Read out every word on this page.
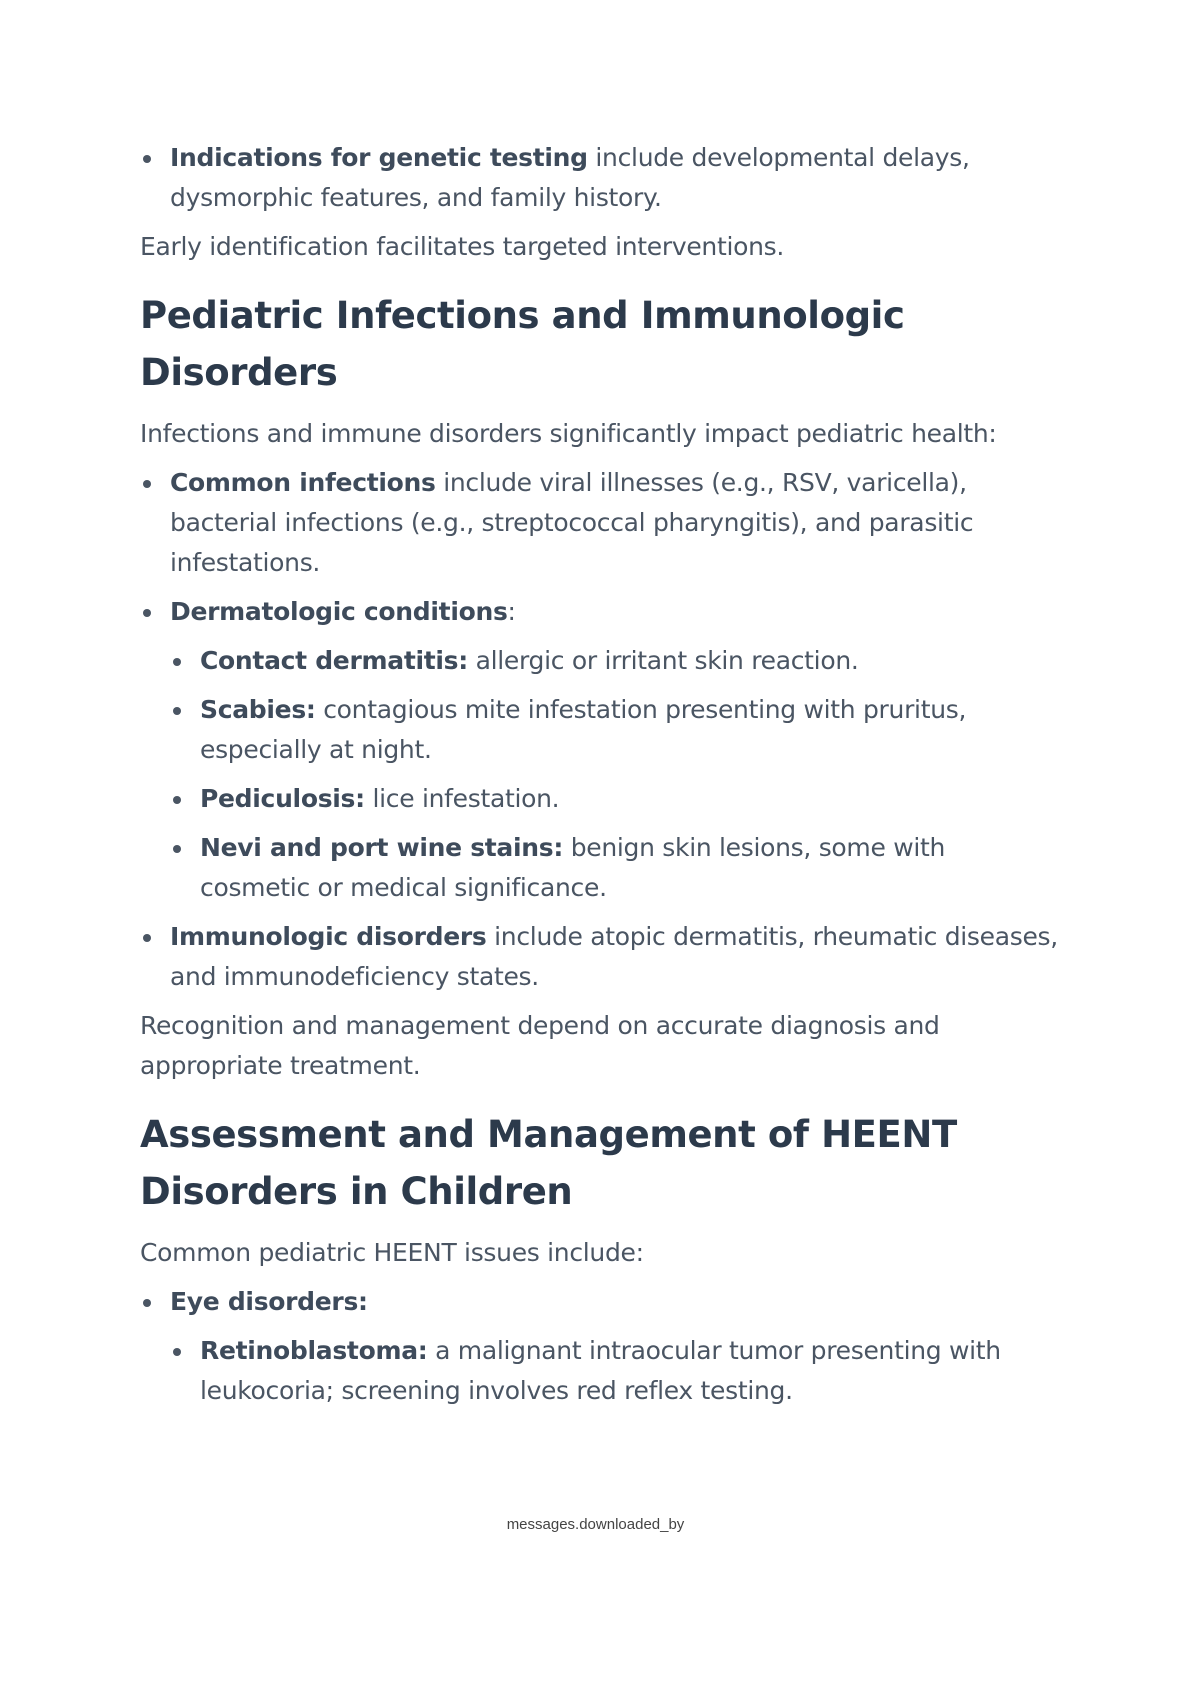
Indications for genetic testing include developmental delays, dysmorphic features, and family history.

Early identification facilitates targeted interventions.

Pediatric Infections and Immunologic Disorders

Infections and immune disorders significantly impact pediatric health:

Common infections include viral illnesses (e.g., RSV, varicella), bacterial infections (e.g., streptococcal pharyngitis), and parasitic infestations.
Dermatologic conditions:
Contact dermatitis: allergic or irritant skin reaction.
Scabies: contagious mite infestation presenting with pruritus, especially at night.
Pediculosis: lice infestation.
Nevi and port wine stains: benign skin lesions, some with cosmetic or medical significance.
Immunologic disorders include atopic dermatitis, rheumatic diseases, and immunodeficiency states.

Recognition and management depend on accurate diagnosis and appropriate treatment.

Assessment and Management of HEENT Disorders in Children

Common pediatric HEENT issues include:

Eye disorders:
Retinoblastoma: a malignant intraocular tumor presenting with leukocoria; screening involves red reflex testing.
messages.downloaded_by
